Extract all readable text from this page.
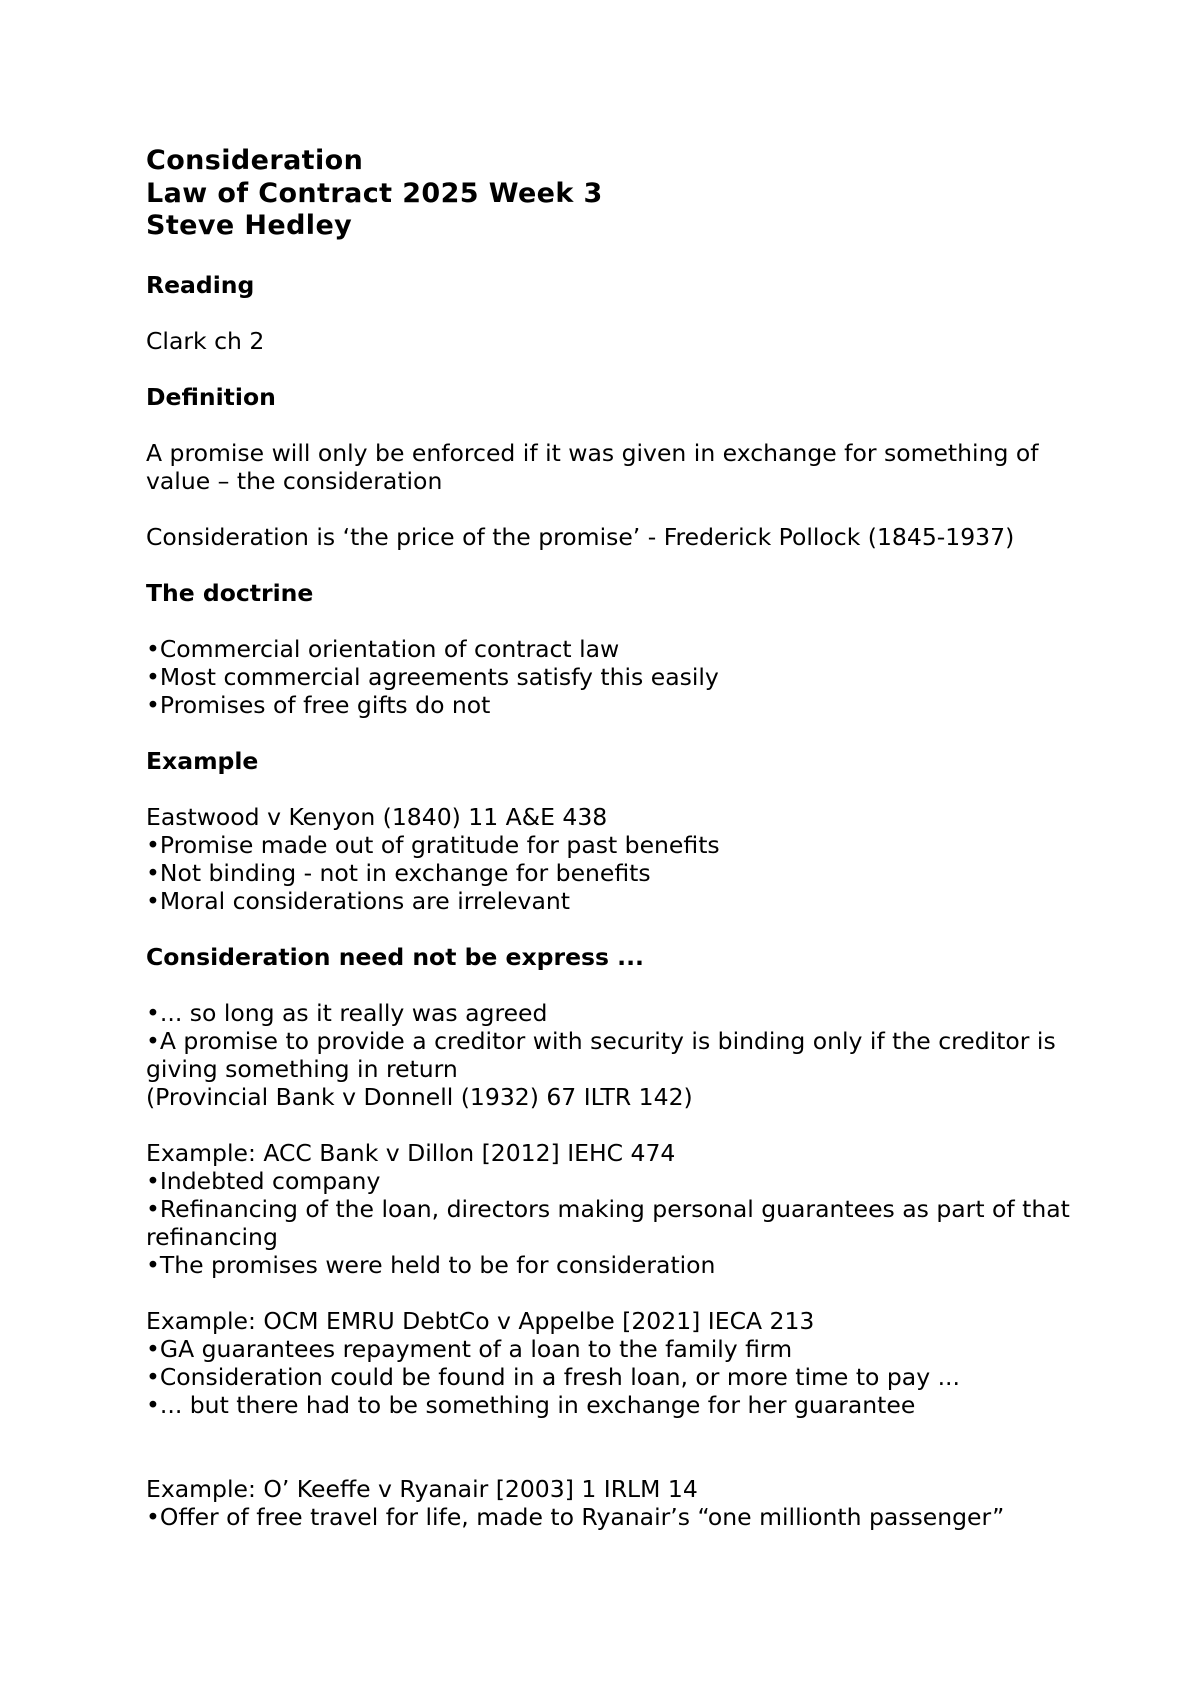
Consideration
Law of Contract 2025 Week 3
Steve Hedley
Reading
Clark ch 2
Definition
A promise will only be enforced if it was given in exchange for something of value – the consideration
Consideration is ‘the price of the promise’ - Frederick Pollock (1845-1937)
The doctrine
• Commercial orientation of contract law
• Most commercial agreements satisfy this easily
• Promises of free gifts do not
Example
Eastwood v Kenyon (1840) 11 A&E 438
• Promise made out of gratitude for past benefits
• Not binding - not in exchange for benefits
• Moral considerations are irrelevant
Consideration need not be express ...
• ... so long as it really was agreed
• A promise to provide a creditor with security is binding only if the creditor is giving something in return
(Provincial Bank v Donnell (1932) 67 ILTR 142)
Example: ACC Bank v Dillon [2012] IEHC 474
• Indebted company
• Refinancing of the loan, directors making personal guarantees as part of that refinancing
• The promises were held to be for consideration
Example: OCM EMRU DebtCo v Appelbe [2021] IECA 213
• GA guarantees repayment of a loan to the family firm
• Consideration could be found in a fresh loan, or more time to pay ...
• ... but there had to be something in exchange for her guarantee
Example: O’ Keeffe v Ryanair [2003] 1 IRLM 14
• Offer of free travel for life, made to Ryanair’s “one millionth passenger”
